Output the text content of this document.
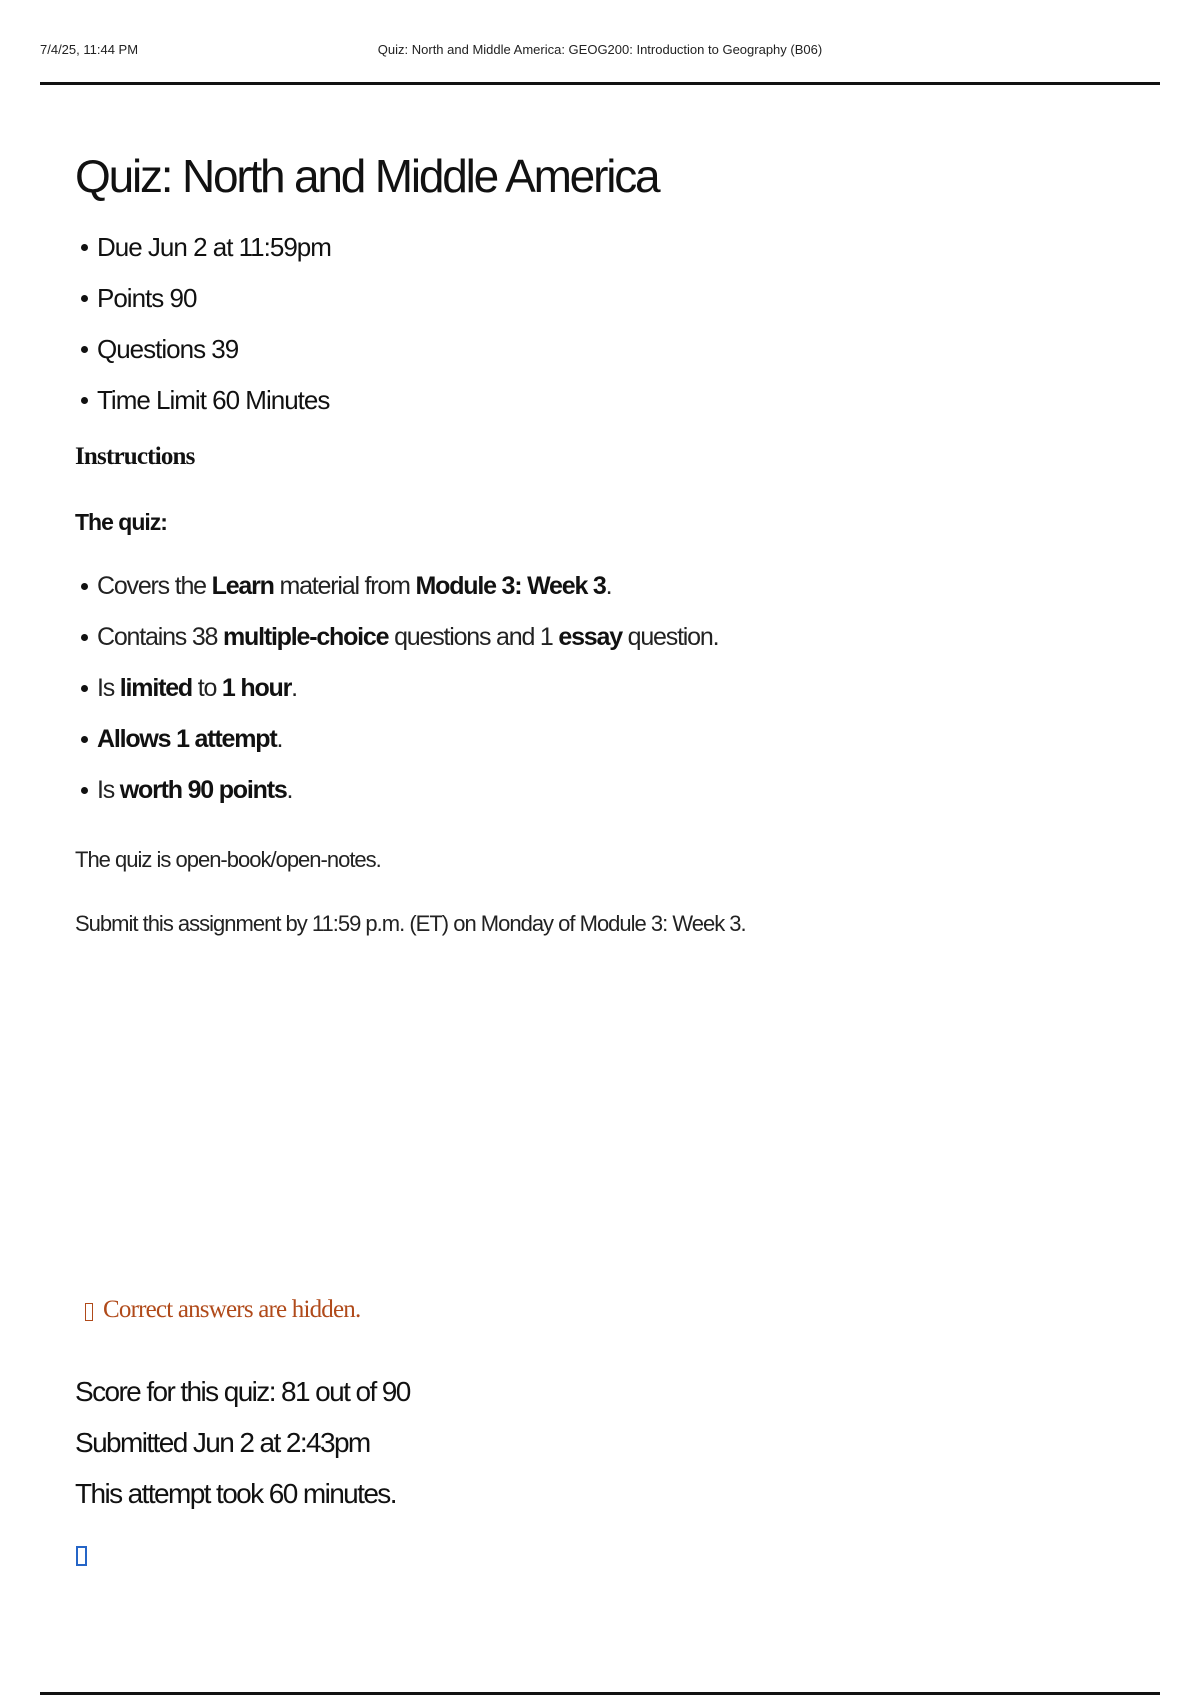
7/4/25, 11:44 PM	Quiz: North and Middle America: GEOG200: Introduction to Geography (B06)
Quiz: North and Middle America
Due Jun 2 at 11:59pm
Points 90
Questions 39
Time Limit 60 Minutes
Instructions
The quiz:
Covers the Learn material from Module 3: Week 3.
Contains 38 multiple-choice questions and 1 essay question.
Is limited to 1 hour.
Allows 1 attempt.
Is worth 90 points.

The quiz is open-book/open-notes.

Submit this assignment by 11:59 p.m. (ET) on Monday of Module 3: Week 3.

Correct answers are hidden.
Score for this quiz: 81 out of 90
Submitted Jun 2 at 2:43pm
This attempt took 60 minutes.
